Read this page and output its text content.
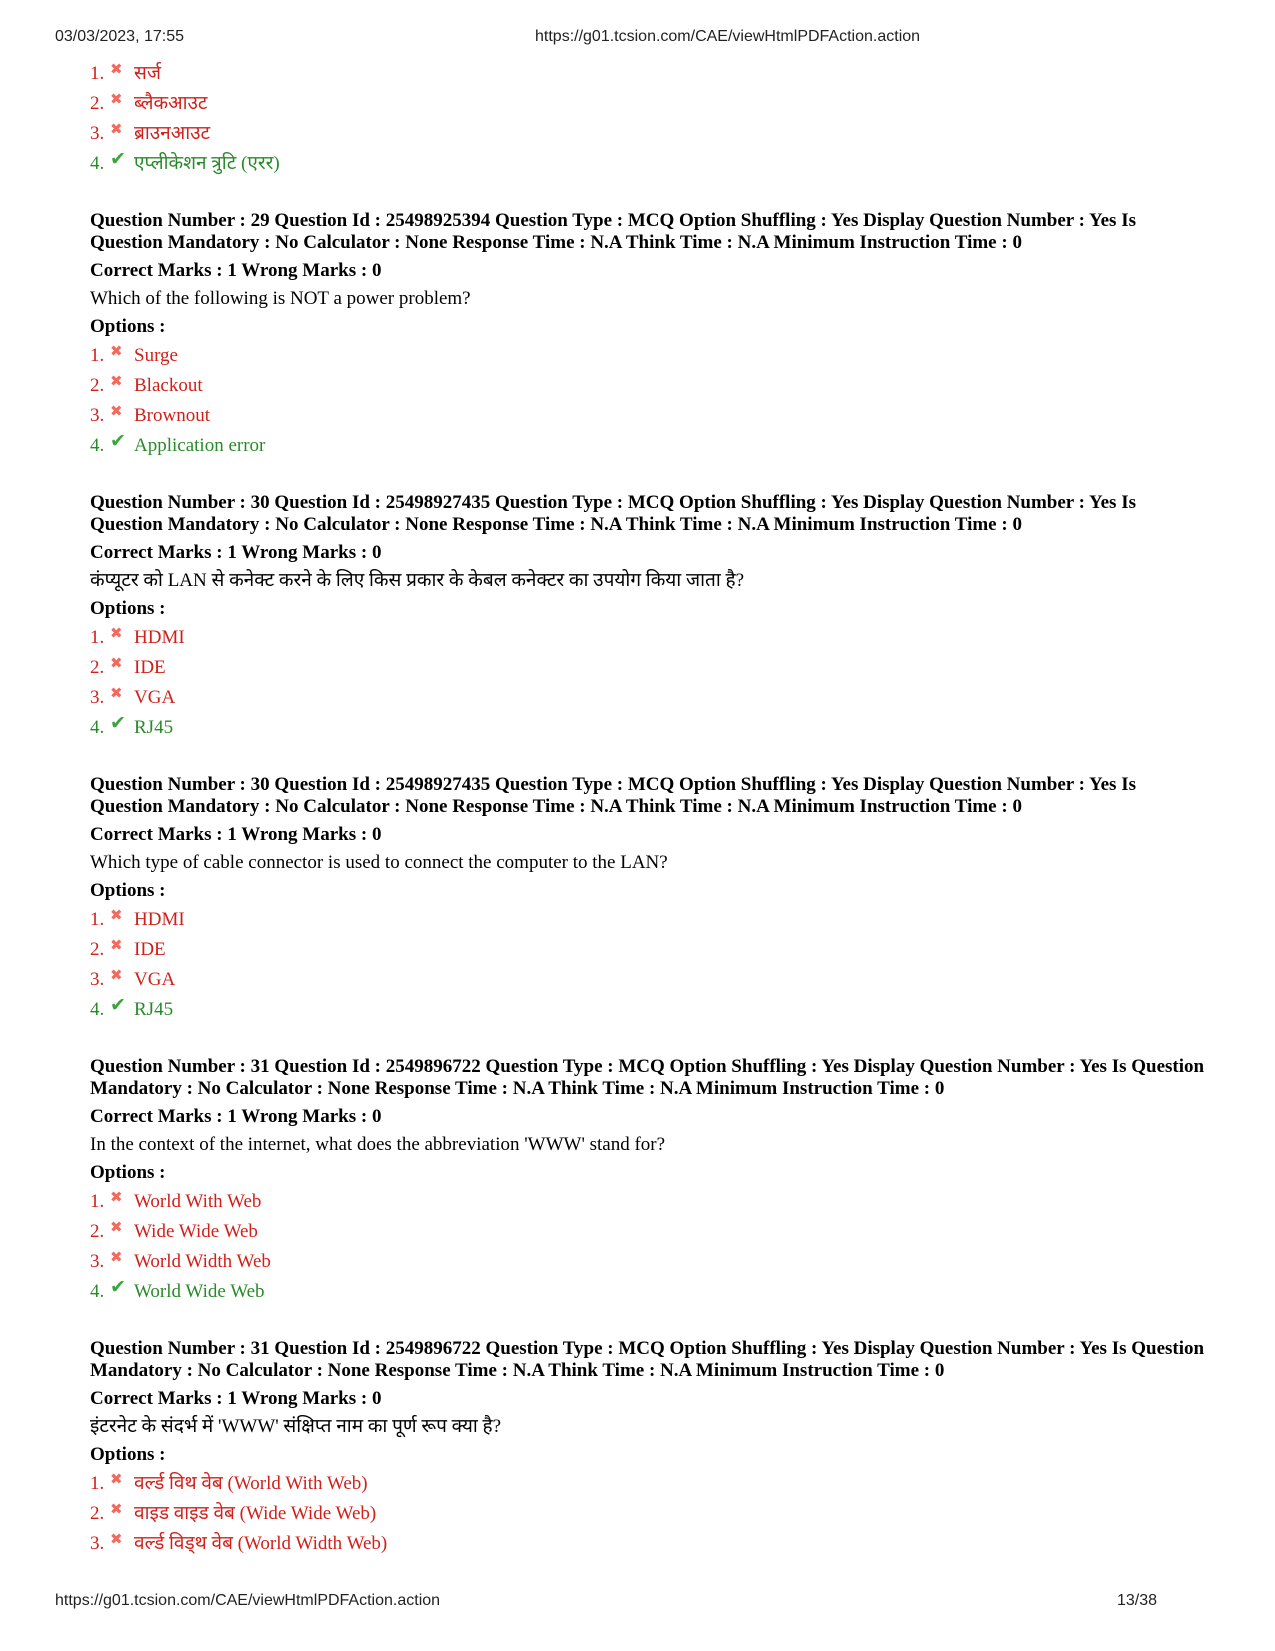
03/03/2023, 17:55	https://g01.tcsion.com/CAE/viewHtmlPDFAction.action
1. ✖ सर्ज
2. ✖ ब्लैकआउट
3. ✖ ब्राउनआउट
4. ✔ एप्लीकेशन त्रुटि (एरर)

Question Number : 29 Question Id : 25498925394 Question Type : MCQ Option Shuffling : Yes Display Question Number : Yes Is Question Mandatory : No Calculator : None Response Time : N.A Think Time : N.A Minimum Instruction Time : 0

Correct Marks : 1 Wrong Marks : 0

Which of the following is NOT a power problem?

Options :

1. ✖ Surge
2. ✖ Blackout
3. ✖ Brownout
4. ✔ Application error

Question Number : 30 Question Id : 25498927435 Question Type : MCQ Option Shuffling : Yes Display Question Number : Yes Is Question Mandatory : No Calculator : None Response Time : N.A Think Time : N.A Minimum Instruction Time : 0

Correct Marks : 1 Wrong Marks : 0

कंप्यूटर को LAN से कनेक्ट करने के लिए किस प्रकार के केबल कनेक्टर का उपयोग किया जाता है?

Options :

1. ✖ HDMI
2. ✖ IDE
3. ✖ VGA
4. ✔ RJ45

Question Number : 30 Question Id : 25498927435 Question Type : MCQ Option Shuffling : Yes Display Question Number : Yes Is Question Mandatory : No Calculator : None Response Time : N.A Think Time : N.A Minimum Instruction Time : 0

Correct Marks : 1 Wrong Marks : 0

Which type of cable connector is used to connect the computer to the LAN?

Options :

1. ✖ HDMI
2. ✖ IDE
3. ✖ VGA
4. ✔ RJ45

Question Number : 31 Question Id : 2549896722 Question Type : MCQ Option Shuffling : Yes Display Question Number : Yes Is Question Mandatory : No Calculator : None Response Time : N.A Think Time : N.A Minimum Instruction Time : 0

Correct Marks : 1 Wrong Marks : 0

In the context of the internet, what does the abbreviation 'WWW' stand for?

Options :

1. ✖ World With Web
2. ✖ Wide Wide Web
3. ✖ World Width Web
4. ✔ World Wide Web

Question Number : 31 Question Id : 2549896722 Question Type : MCQ Option Shuffling : Yes Display Question Number : Yes Is Question Mandatory : No Calculator : None Response Time : N.A Think Time : N.A Minimum Instruction Time : 0

Correct Marks : 1 Wrong Marks : 0

इंटरनेट के संदर्भ में 'WWW' संक्षिप्त नाम का पूर्ण रूप क्या है?

Options :

1. ✖ वर्ल्ड विथ वेब (World With Web)
2. ✖ वाइड वाइड वेब (Wide Wide Web)
3. ✖ वर्ल्ड विड्थ वेब (World Width Web)
https://g01.tcsion.com/CAE/viewHtmlPDFAction.action	13/38
